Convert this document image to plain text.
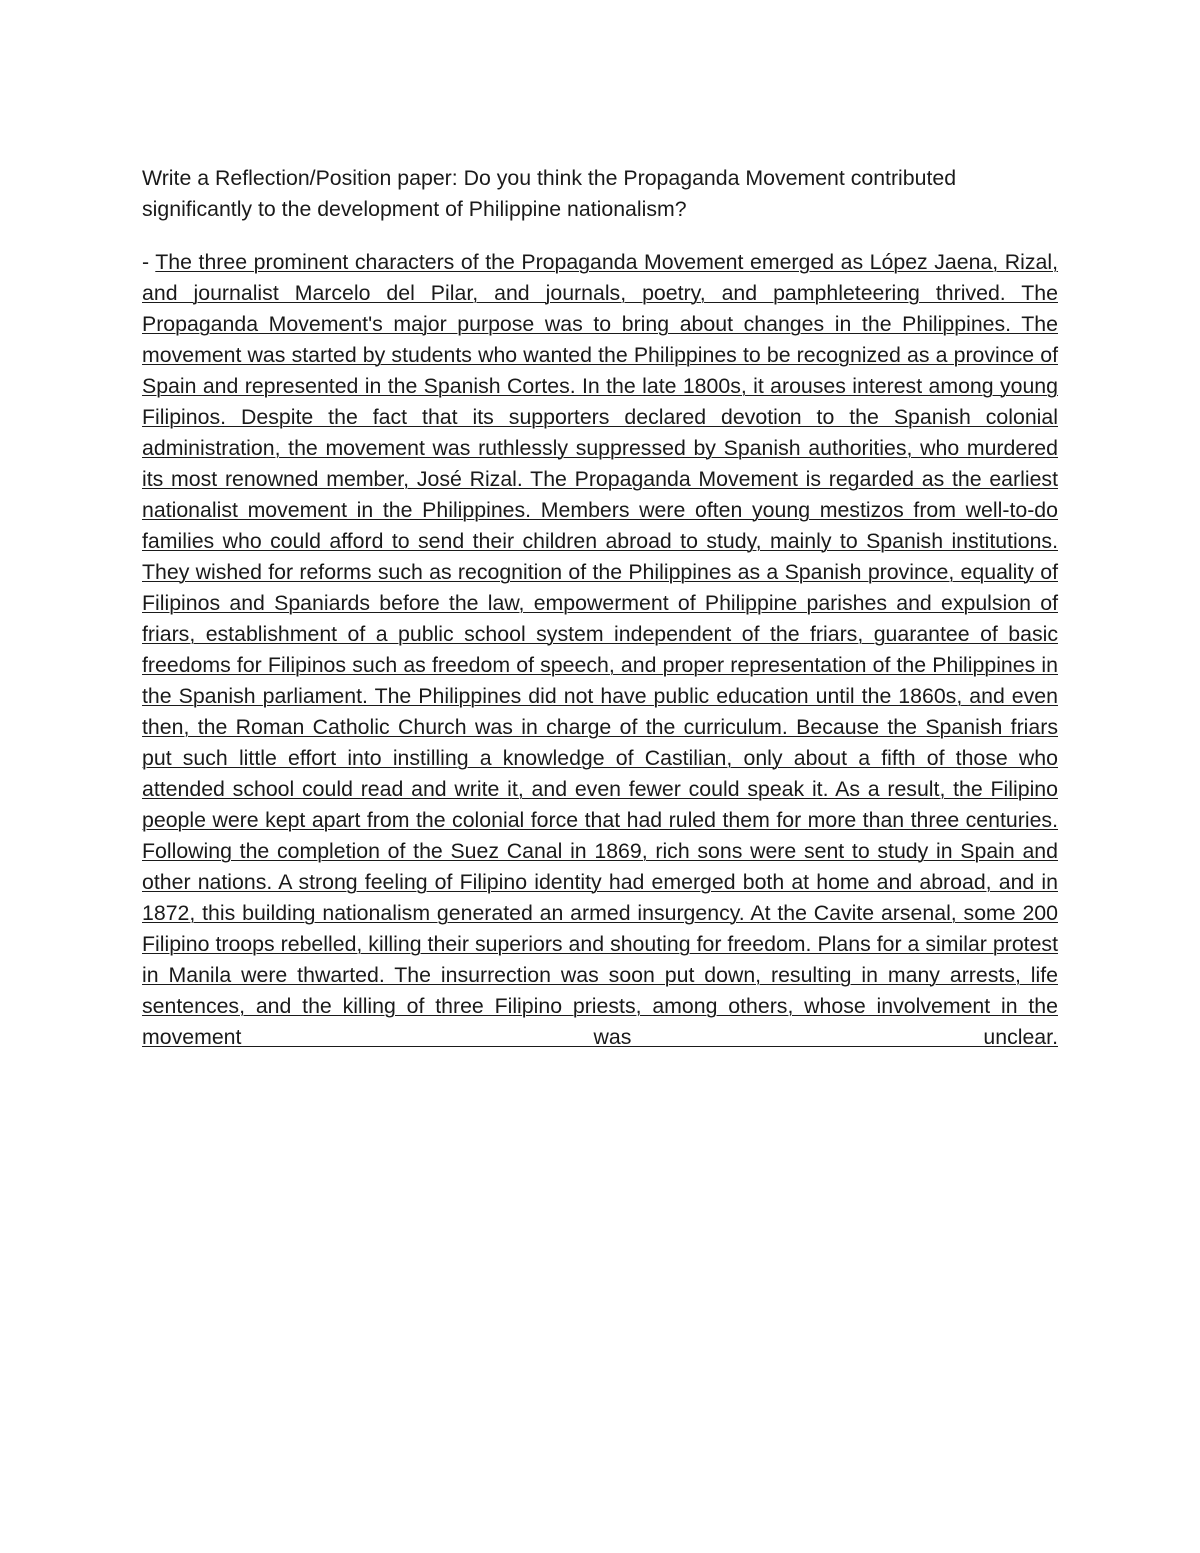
Write a Reflection/Position paper: Do you think the Propaganda Movement contributed significantly to the development of Philippine nationalism?

- The three prominent characters of the Propaganda Movement emerged as López Jaena, Rizal, and journalist Marcelo del Pilar, and journals, poetry, and pamphleteering thrived. The Propaganda Movement's major purpose was to bring about changes in the Philippines. The movement was started by students who wanted the Philippines to be recognized as a province of Spain and represented in the Spanish Cortes. In the late 1800s, it arouses interest among young Filipinos. Despite the fact that its supporters declared devotion to the Spanish colonial administration, the movement was ruthlessly suppressed by Spanish authorities, who murdered its most renowned member, José Rizal. The Propaganda Movement is regarded as the earliest nationalist movement in the Philippines. Members were often young mestizos from well-to-do families who could afford to send their children abroad to study, mainly to Spanish institutions. They wished for reforms such as recognition of the Philippines as a Spanish province, equality of Filipinos and Spaniards before the law, empowerment of Philippine parishes and expulsion of friars, establishment of a public school system independent of the friars, guarantee of basic freedoms for Filipinos such as freedom of speech, and proper representation of the Philippines in the Spanish parliament. The Philippines did not have public education until the 1860s, and even then, the Roman Catholic Church was in charge of the curriculum. Because the Spanish friars put such little effort into instilling a knowledge of Castilian, only about a fifth of those who attended school could read and write it, and even fewer could speak it. As a result, the Filipino people were kept apart from the colonial force that had ruled them for more than three centuries. Following the completion of the Suez Canal in 1869, rich sons were sent to study in Spain and other nations. A strong feeling of Filipino identity had emerged both at home and abroad, and in 1872, this building nationalism generated an armed insurgency. At the Cavite arsenal, some 200 Filipino troops rebelled, killing their superiors and shouting for freedom. Plans for a similar protest in Manila were thwarted. The insurrection was soon put down, resulting in many arrests, life sentences, and the killing of three Filipino priests, among others, whose involvement in the movement was unclear.
